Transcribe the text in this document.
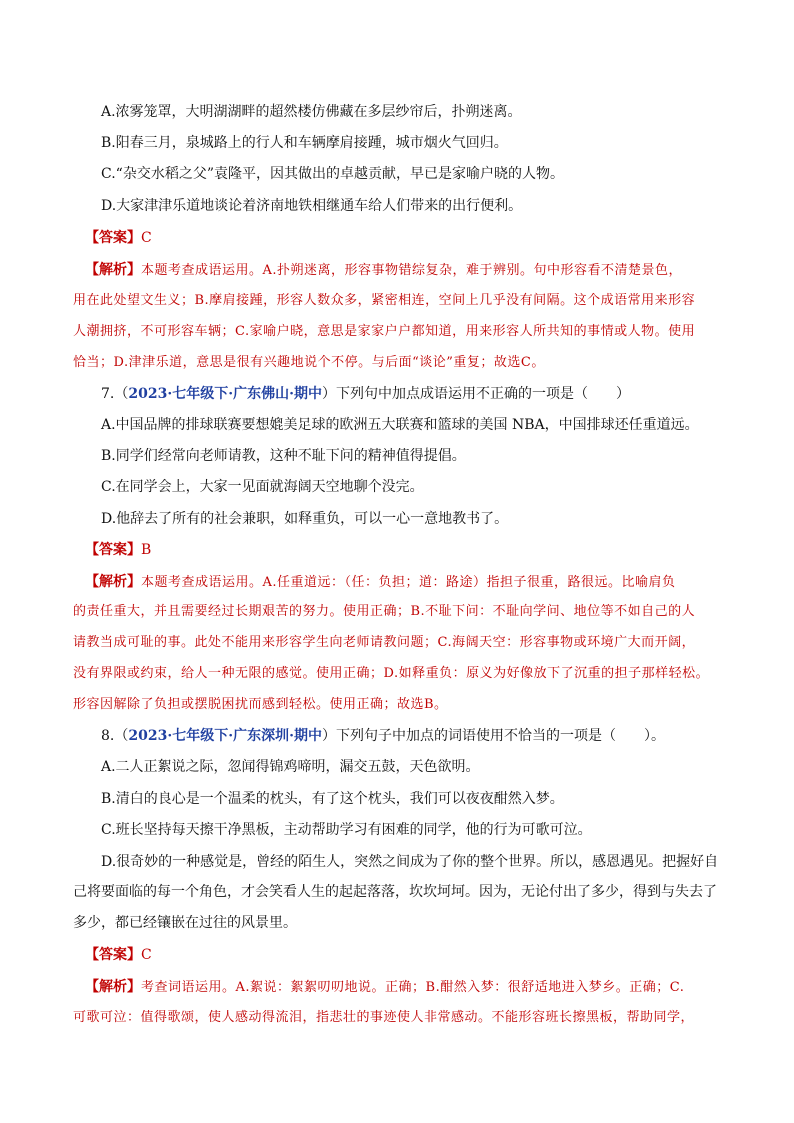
A.浓雾笼罩，大明湖湖畔的超然楼仿佛藏在多层纱帘后，扑朔迷离。
B.阳春三月，泉城路上的行人和车辆摩肩接踵，城市烟火气回归。
C.“杂交水稻之父”袁隆平，因其做出的卓越贡献，早已是家喻户晓的人物。
D.大家津津乐道地谈论着济南地铁相继通车给人们带来的出行便利。
【答案】C
【解析】本题考查成语运用。A.扑朔迷离，形容事物错综复杂，难于辨别。句中形容看不清楚景色，
用在此处望文生义；B.摩肩接踵，形容人数众多，紧密相连，空间上几乎没有间隔。这个成语常用来形容
人潮拥挤，不可形容车辆；C.家喻户晓，意思是家家户户都知道，用来形容人所共知的事情或人物。使用
恰当；D.津津乐道，意思是很有兴趣地说个不停。与后面“谈论”重复；故选C。
7.（2023·七年级下·广东佛山·期中）下列句中加点成语运用不正确的一项是（　　）
A.中国品牌的排球联赛要想媲美足球的欧洲五大联赛和篮球的美国 NBA，中国排球还任重道远。
B.同学们经常向老师请教，这种不耻下问的精神值得提倡。
C.在同学会上，大家一见面就海阔天空地聊个没完。
D.他辞去了所有的社会兼职，如释重负，可以一心一意地教书了。
【答案】B
【解析】本题考查成语运用。A.任重道远：（任：负担；道：路途）指担子很重，路很远。比喻肩负
的责任重大，并且需要经过长期艰苦的努力。使用正确；B.不耻下问：不耻向学问、地位等不如自己的人
请教当成可耻的事。此处不能用来形容学生向老师请教问题；C.海阔天空：形容事物或环境广大而开阔，
没有界限或约束，给人一种无限的感觉。使用正确；D.如释重负：原义为好像放下了沉重的担子那样轻松。
形容因解除了负担或摆脱困扰而感到轻松。使用正确；故选B。
8.（2023·七年级下·广东深圳·期中）下列句子中加点的词语使用不恰当的一项是（　　）。
A.二人正絮说之际，忽闻得锦鸡啼明，漏交五鼓，天色欲明。
B.清白的良心是一个温柔的枕头，有了这个枕头，我们可以夜夜酣然入梦。
C.班长坚持每天擦干净黑板，主动帮助学习有困难的同学，他的行为可歌可泣。
D.很奇妙的一种感觉是，曾经的陌生人，突然之间成为了你的整个世界。所以，感恩遇见。把握好自
己将要面临的每一个角色，才会笑看人生的起起落落，坎坎坷坷。因为，无论付出了多少，得到与失去了
多少，都已经镶嵌在过往的风景里。
【答案】C
【解析】考查词语运用。A.絮说：絮絮叨叨地说。正确；B.酣然入梦：很舒适地进入梦乡。正确；C.
可歌可泣：值得歌颂，使人感动得流泪，指悲壮的事迹使人非常感动。不能形容班长擦黑板，帮助同学，
